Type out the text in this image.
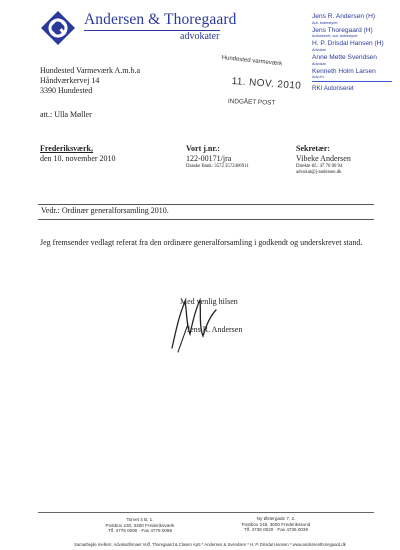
Andersen & Thoregaard
advokater
Jens R. Andersen (H)
Aut. bobestyrer
Jens Thoregaard (H)
Autoriseret, aut. bobestyrer
H. P. Drisdal Hansen (H)
Advokat
Anne Mette Svendsen
Advokat
Kenneth Holm Larsen
Adv./m.
RKI Autoriseret
Hundested Varmeværk A.m.b.a
Håndværkervej 14
3390 Hundested
att.: Ulla Møller
Hundested varmeværk
11. NOV. 2010
INDGÅET POST
Frederiksværk,
den 10. november 2010
Vort j.nr.:
122-00171/jra
Danske Bank: 3572 3572406911
Sekretær:
Vibeke Andersen
Direkte tlf.: 47 76 00 94
advokat@j-andersen.dk
Vedr.: Ordinær generalforsamling 2010.
Jeg fremsender vedlagt referat fra den ordinære generalforsamling i godkendt og underskrevet stand.
Med venlig hilsen
Jens R. Andersen
Torvet 4 B, 1.
Postbox 230, 3300 Frederiksværk
Tlf. 4778 0090 · Fax 4778 0096
Ny Østergade 7, 2.
Postbox 249, 3600 Frederikssund
Tlf. 4736 0020 · Fax 4736 0039
Samarbejde mellem: Advokatfirmaet Vuff, Thoregaard & Clasen ApS * Andersen & Svendsen * H. P. Drisdal Hansen * www.andersenthoregaard.dk
